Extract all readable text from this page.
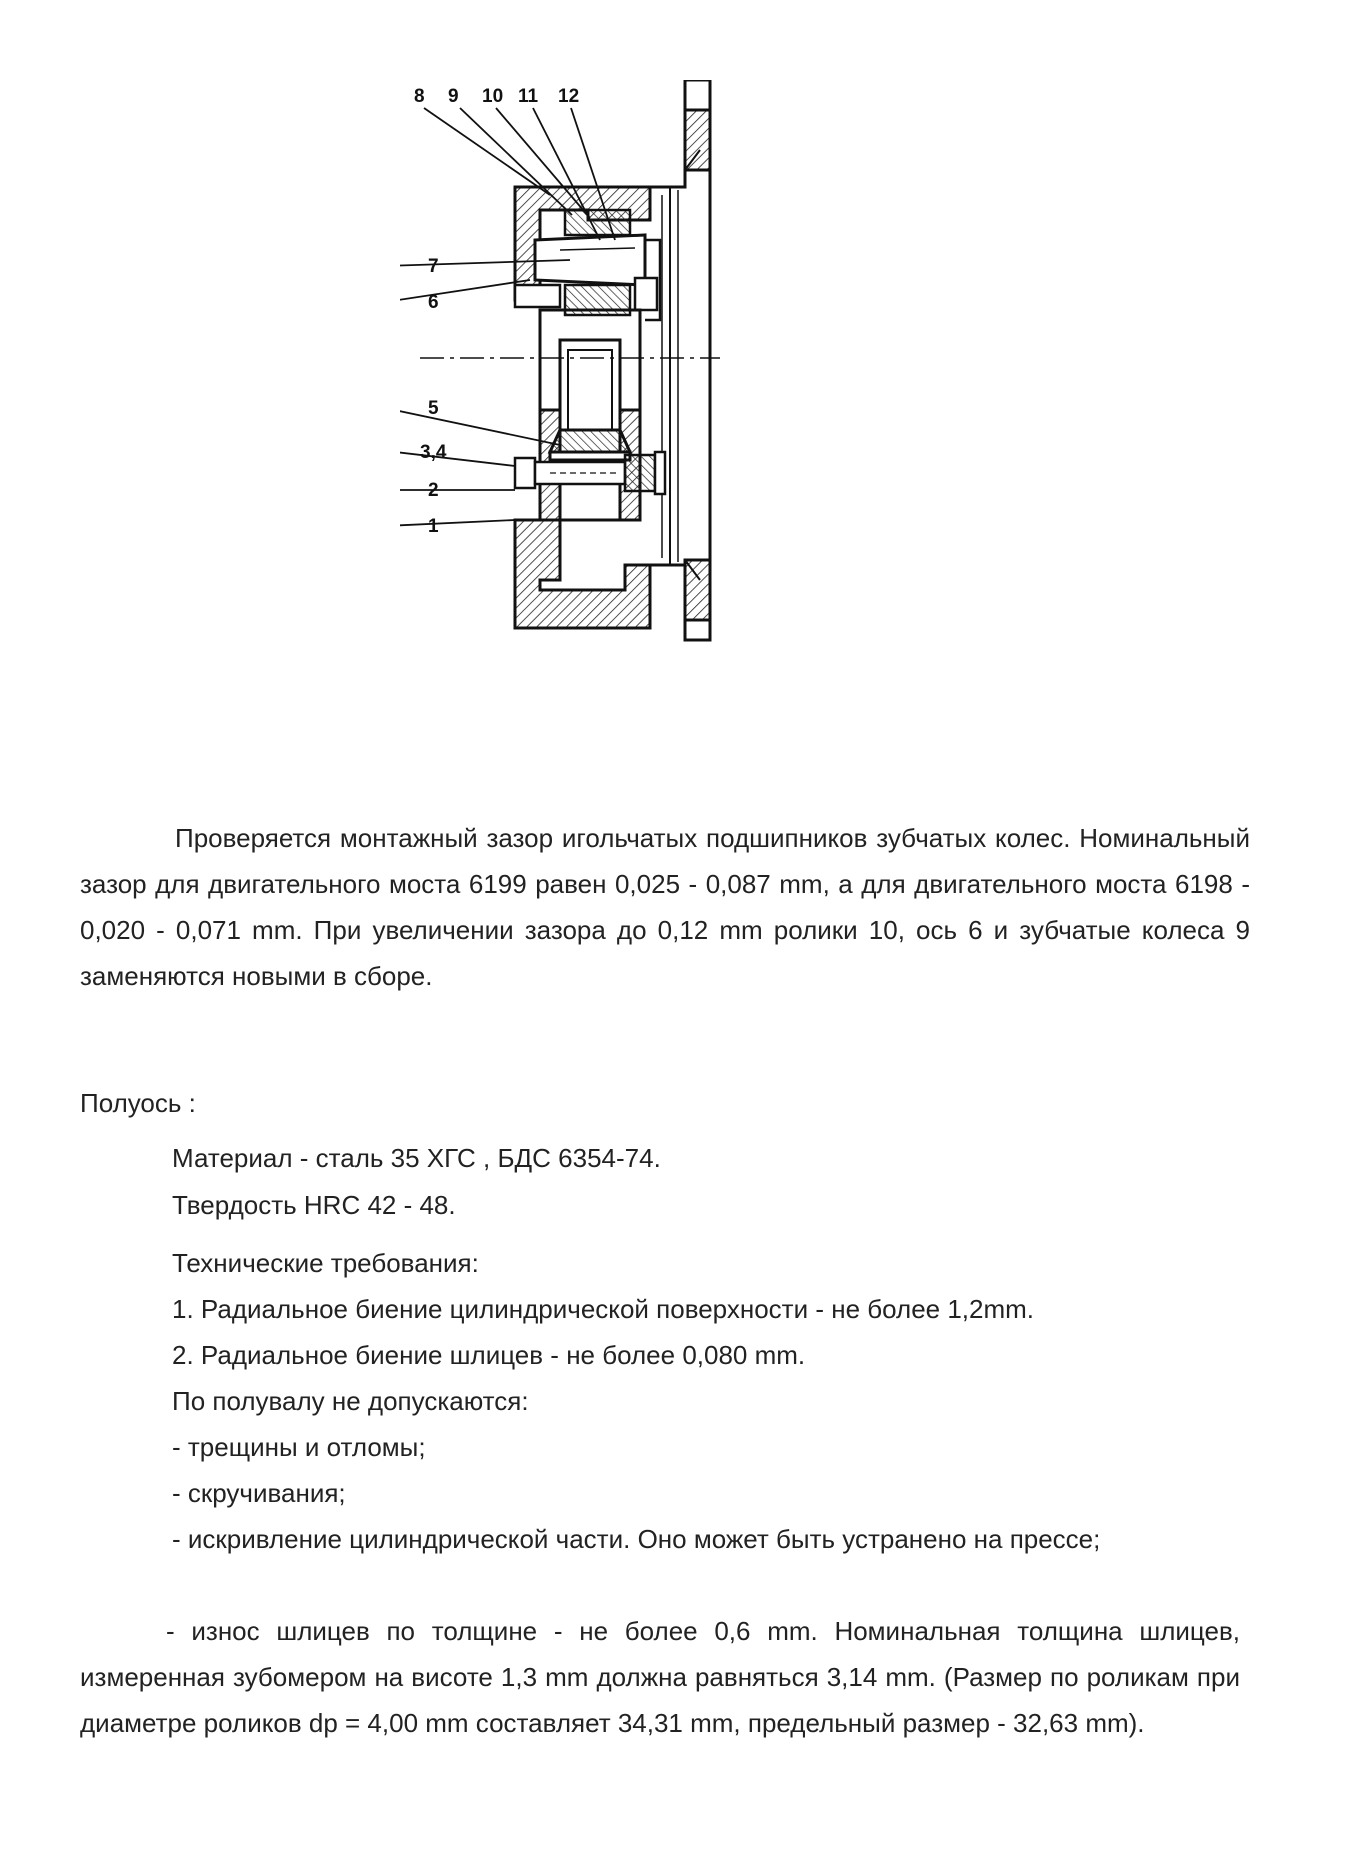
8 9 10 11 12
7
6
5
3,4
2
1
Проверяется монтажный зазор игольчатых подшипников зубчатых колес. Номинальный зазор для двигательного моста 6199 равен 0,025 - 0,087 mm, а для двигательного моста 6198 - 0,020 - 0,071 mm. При увеличении зазора до 0,12 mm ролики 10, ось 6 и зубчатые колеса 9 заменяются новыми в сборе.
Полуось :
Материал - сталь 35 ХГС , БДС 6354-74.
Твердость HRC 42 - 48.
Технические требования:
1. Радиальное биение цилиндрической поверхности - не более 1,2mm.
2. Радиальное биение шлицев - не более 0,080 mm.
По полувалу не допускаются:
- трещины и отломы;
- скручивания;
- искривление цилиндрической части. Оно может быть устранено на прессе;
- износ шлицев по толщине - не более 0,6 mm. Номинальная толщина шлицев, измеренная зубомером на висоте 1,3 mm должна равняться 3,14 mm. (Размер по роликам при диаметре роликов dp = 4,00 mm составляет 34,31 mm, предельный размер - 32,63 mm).
